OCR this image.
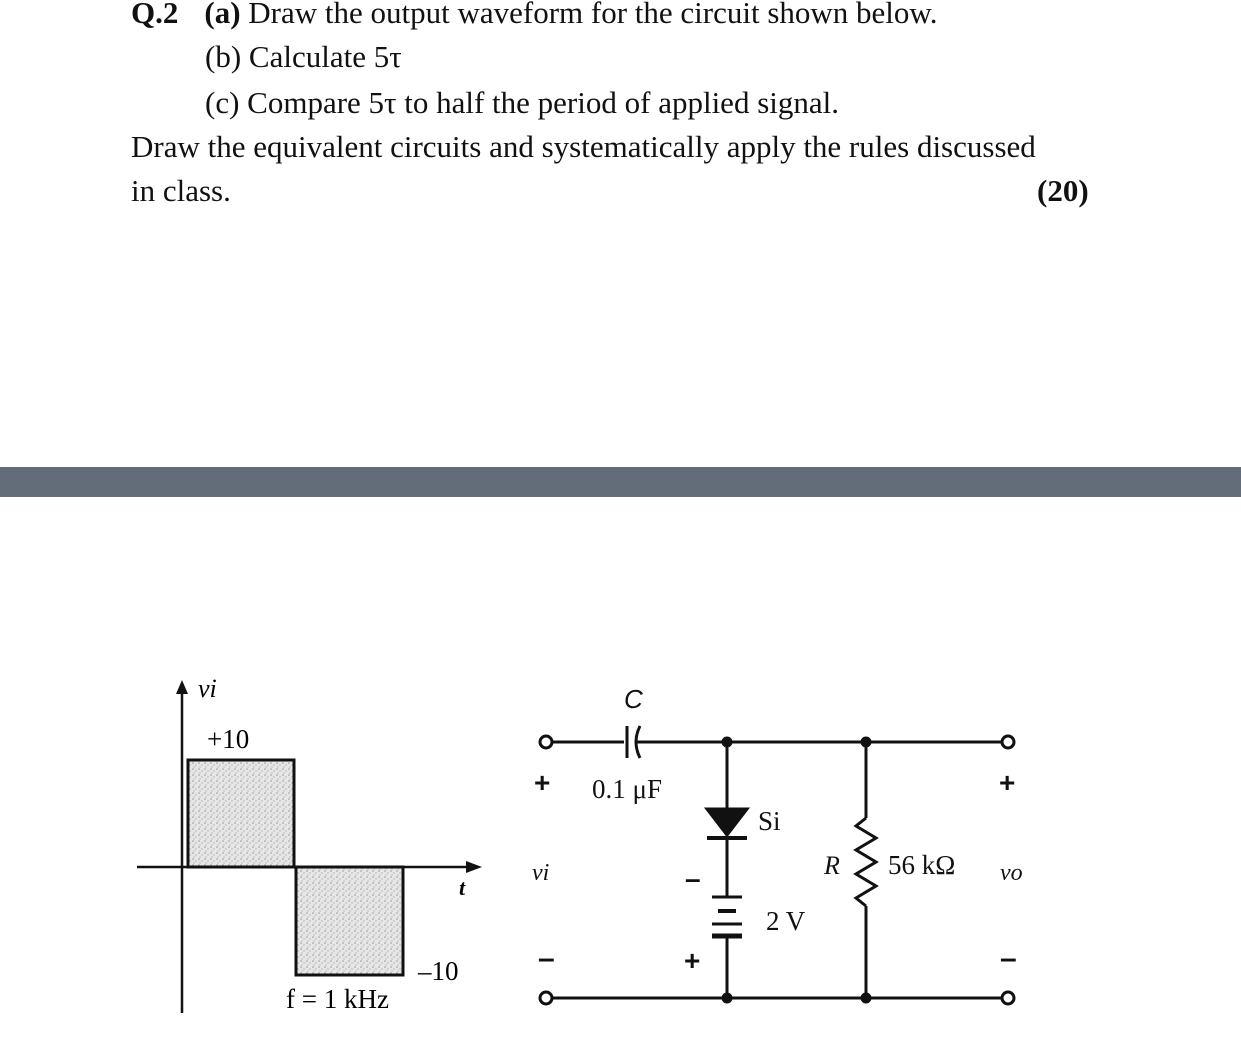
Q.2 (a) Draw the output waveform for the circuit shown below.
(b) Calculate 5τ
(c) Compare 5τ to half the period of applied signal.
Draw the equivalent circuits and systematically apply the rules discussed
in class.	(20)
vi
+10
t
–10
f = 1 kHz
C
0.1 μF
Si
–
2 V
+
R 56 kΩ
+
vi
–
+
vo
–
